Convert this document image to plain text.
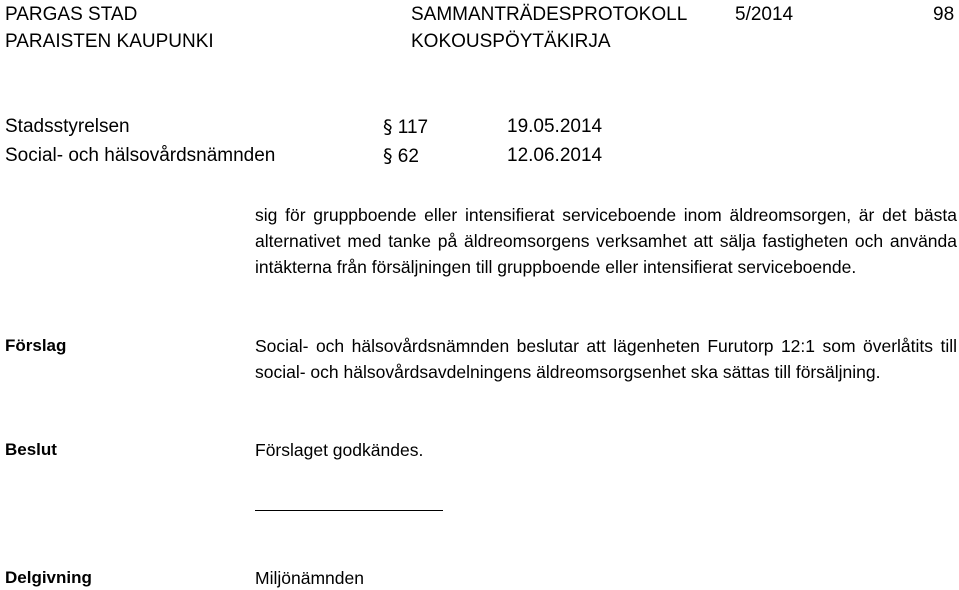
PARGAS STAD
PARAISTEN KAUPUNKI
SAMMANTRÄDESPROTOKOLL
KOKOUSPÖYTÄKIRJA
5/2014	98
Stadsstyrelsen	§ 117	19.05.2014
Social- och hälsovårdsnämnden	§ 62	12.06.2014
sig för gruppboende eller intensifierat serviceboende inom äldreomsorgen, är det bästa alternativet med tanke på äldreomsorgens verksamhet att sälja fastigheten och använda intäkterna från försäljningen till gruppboende eller intensifierat serviceboende.
Förslag	Social- och hälsovårdsnämnden beslutar att lägenheten Furutorp 12:1 som överlåtits till social- och hälsovårdsavdelningens äldreomsorgsenhet ska sättas till försäljning.
Beslut	Förslaget godkändes.
Delgivning	Miljönämnden
